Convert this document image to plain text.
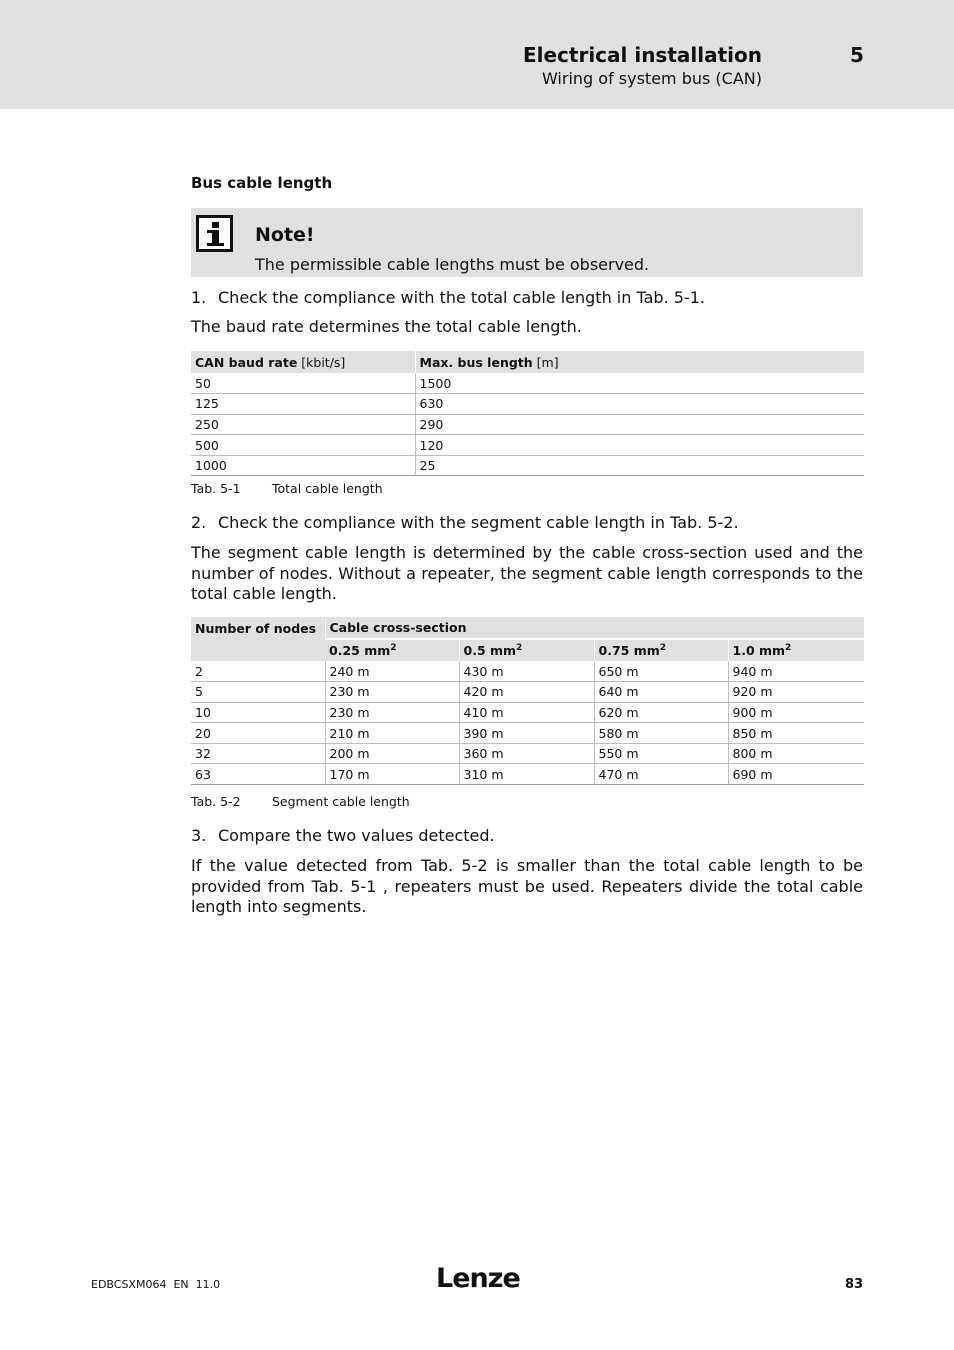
Electrical installation
Wiring of system bus (CAN)
5
Bus cable length
Note!
The permissible cable lengths must be observed.
1. Check the compliance with the total cable length in Tab. 5-1.
The baud rate determines the total cable length.
CAN baud rate [kbit/s]	Max. bus length [m]
50	1500
125	630
250	290
500	120
1000	25
Tab. 5-1	Total cable length
2. Check the compliance with the segment cable length in Tab. 5-2.
The segment cable length is determined by the cable cross-section used and the number of nodes. Without a repeater, the segment cable length corresponds to the total cable length.
Number of nodes	Cable cross-section			
	0.25 $mm^2$	0.5 $mm^2$	0.75 $mm^2$	1.0 $mm^2$
2	240 m	430 m	650 m	940 m
5	230 m	420 m	640 m	920 m
10	230 m	410 m	620 m	900 m
20	210 m	390 m	580 m	850 m
32	200 m	360 m	550 m	800 m
63	170 m	310 m	470 m	690 m
Tab. 5-2	Segment cable length
3. Compare the two values detected.
If the value detected from Tab. 5-2 is smaller than the total cable length to be provided from Tab. 5-1 , repeaters must be used. Repeaters divide the total cable length into segments.
EDBCSXM064  EN  11.0	Lenze	83
